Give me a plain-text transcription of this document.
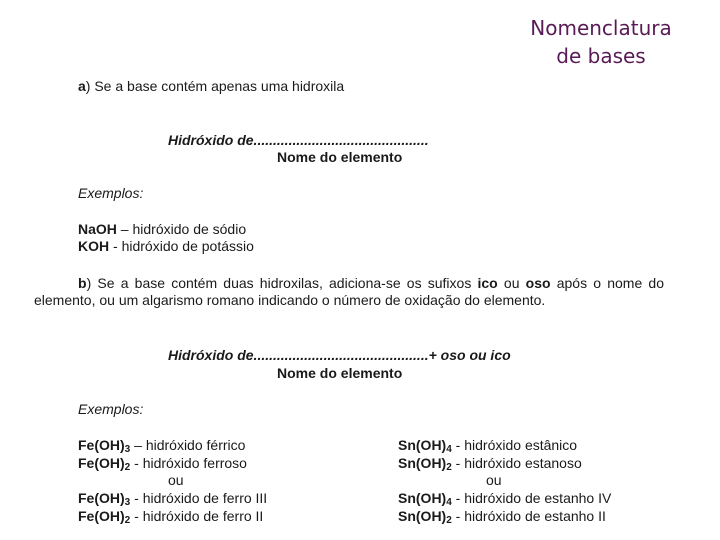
Nomenclatura
de bases
a) Se a base contém apenas uma hidroxila
Hidróxido de.............................................
Nome do elemento
Exemplos:
NaOH – hidróxido de sódio
KOH - hidróxido de potássio
b) Se a base contém duas hidroxilas, adiciona-se os sufixos ico ou oso após o nome do elemento, ou um algarismo romano indicando o número de oxidação do elemento.
Hidróxido de.............................................+ oso ou ico
Nome do elemento
Exemplos:
$Fe(OH)_3$ – hidróxido férrico
$Fe(OH)_2$ - hidróxido ferroso
ou
$Fe(OH)_3$ - hidróxido de ferro III
$Fe(OH)_2$ - hidróxido de ferro II
$Sn(OH)_4$ - hidróxido estânico
$Sn(OH)_2$ - hidróxido estanoso
ou
$Sn(OH)_4$ - hidróxido de estanho IV
$Sn(OH)_2$ - hidróxido de estanho II
